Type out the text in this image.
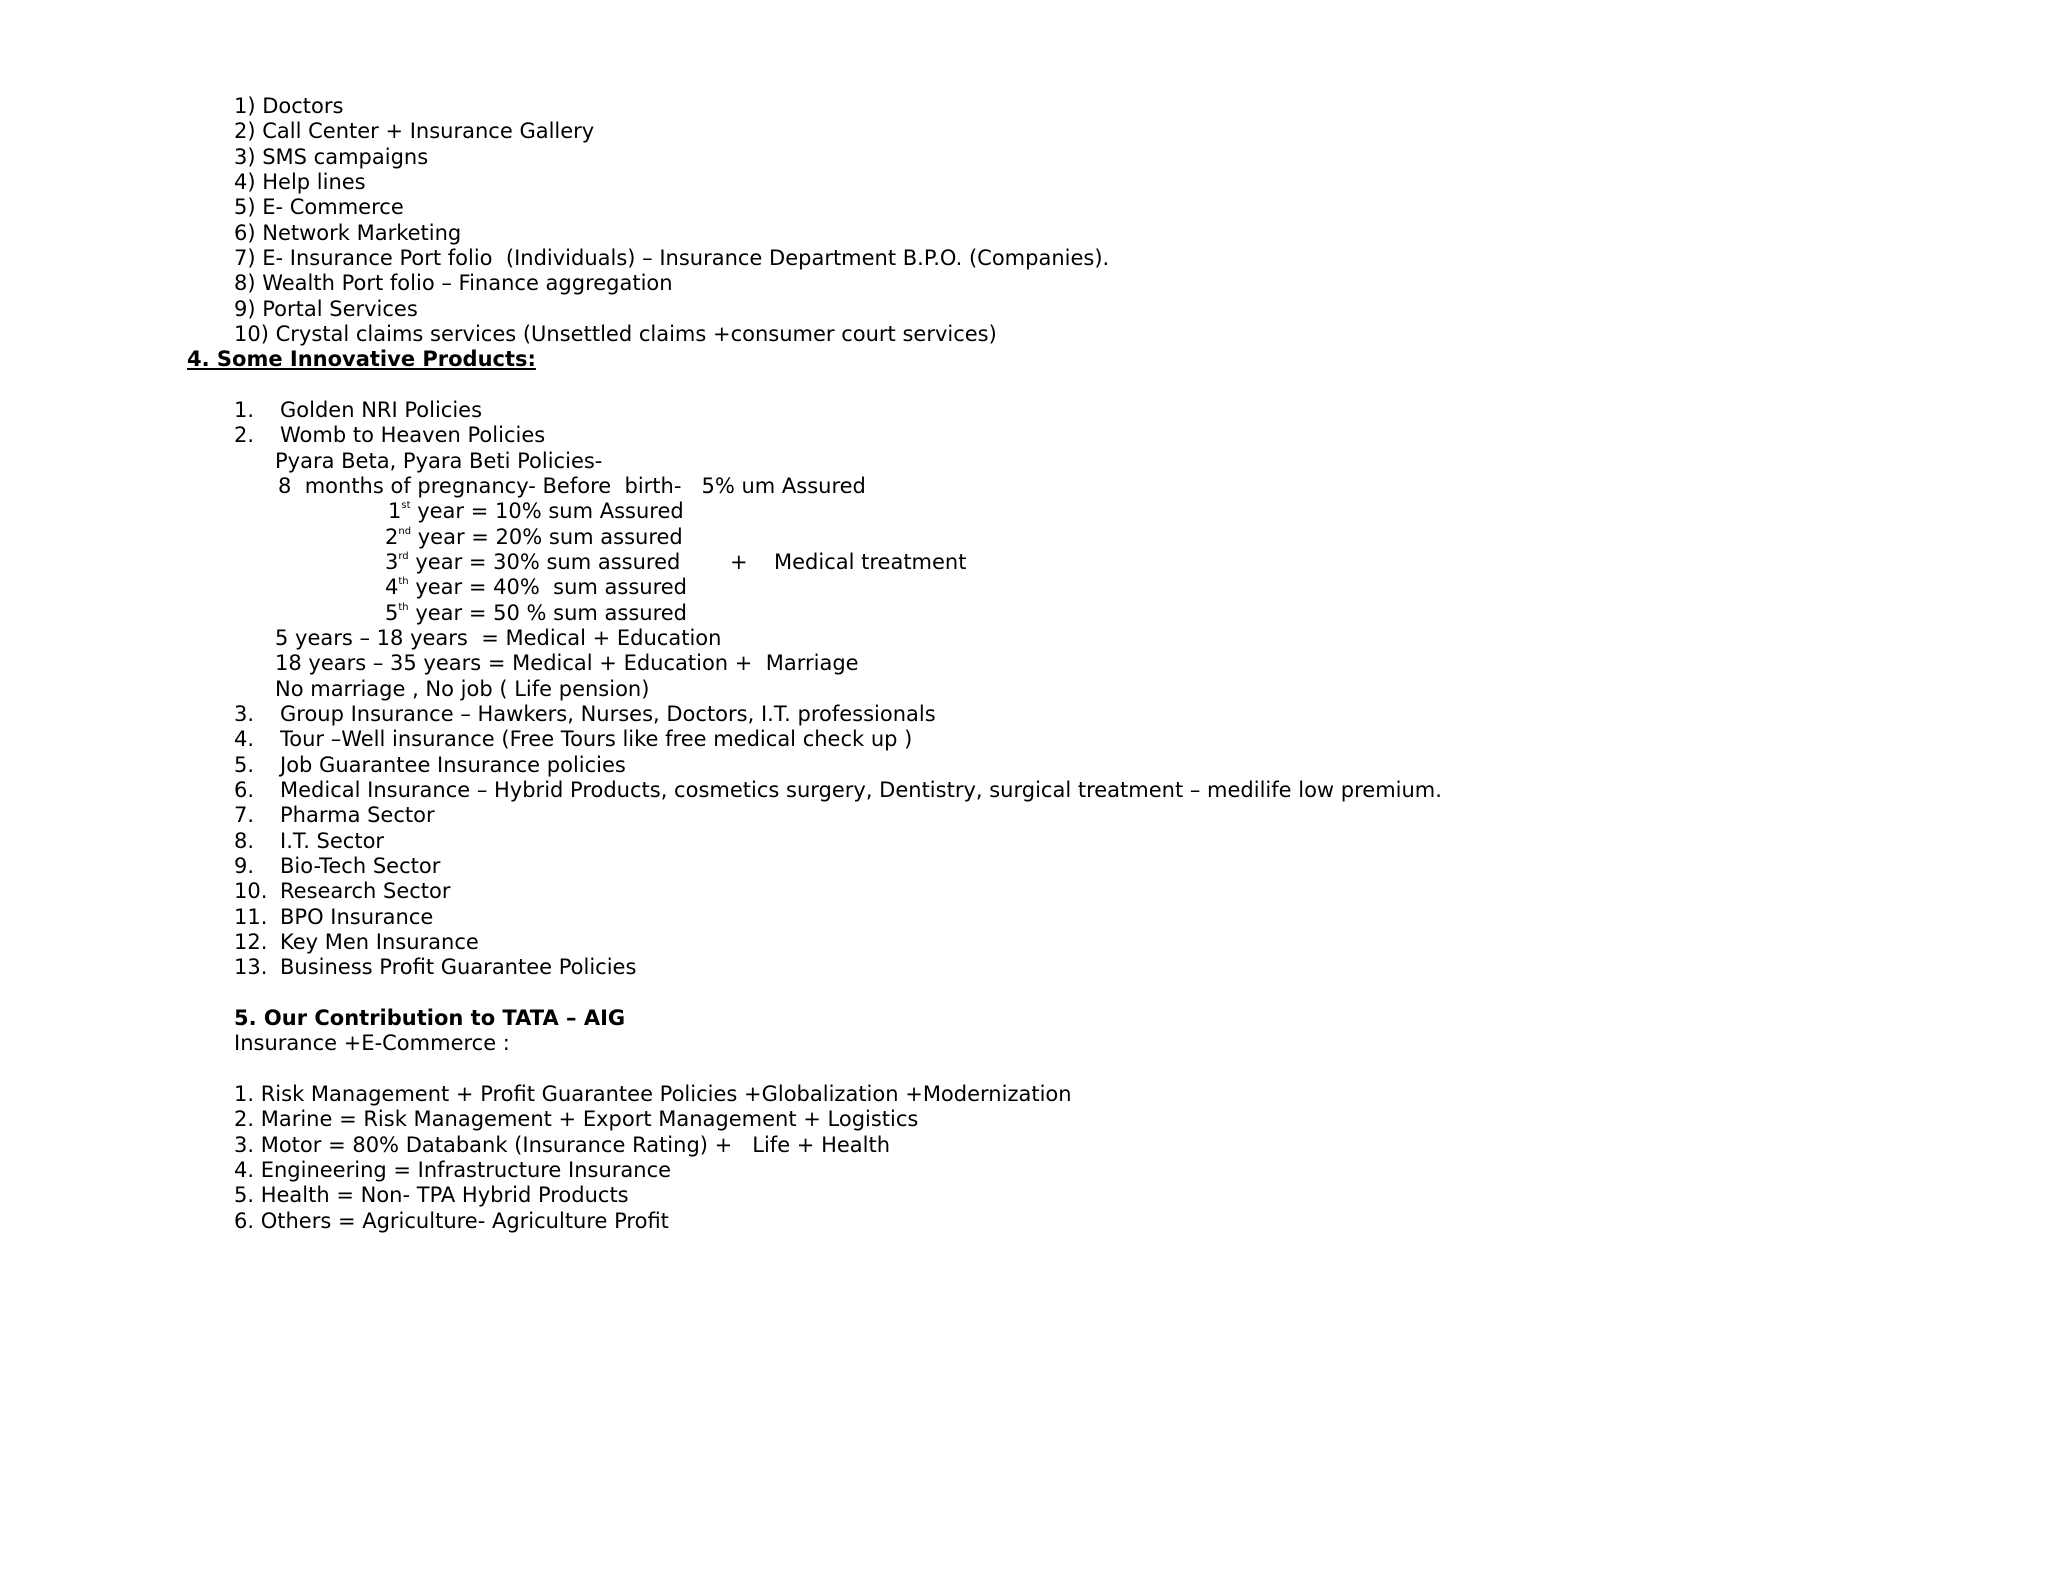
1) Doctors
2) Call Center + Insurance Gallery
3) SMS campaigns
4) Help lines
5) E- Commerce
6) Network Marketing
7) E- Insurance Port folio  (Individuals) – Insurance Department B.P.O. (Companies).
8) Wealth Port folio – Finance aggregation
9) Portal Services
10) Crystal claims services (Unsettled claims +consumer court services)
4. Some Innovative Products:
1. Golden NRI Policies
2. Womb to Heaven Policies
Pyara Beta, Pyara Beti Policies-
8  months of pregnancy- Before  birth-   5% um Assured
1st year = 10% sum Assured
2nd year = 20% sum assured
3rd year = 30% sum assured + Medical treatment
4th year = 40%  sum assured
5th year = 50 % sum assured
5 years – 18 years  = Medical + Education
18 years – 35 years = Medical + Education +  Marriage
No marriage , No job ( Life pension)
3. Group Insurance – Hawkers, Nurses, Doctors, I.T. professionals
4. Tour –Well insurance (Free Tours like free medical check up )
5. Job Guarantee Insurance policies
6. Medical Insurance – Hybrid Products, cosmetics surgery, Dentistry, surgical treatment – medilife low premium.
7. Pharma Sector
8. I.T. Sector
9. Bio-Tech Sector
10. Research Sector
11. BPO Insurance
12. Key Men Insurance
13. Business Profit Guarantee Policies
5. Our Contribution to TATA – AIG
Insurance +E-Commerce :
1. Risk Management + Profit Guarantee Policies +Globalization +Modernization
2. Marine = Risk Management + Export Management + Logistics
3. Motor = 80% Databank (Insurance Rating) +   Life + Health
4. Engineering = Infrastructure Insurance
5. Health = Non- TPA Hybrid Products
6. Others = Agriculture- Agriculture Profit
